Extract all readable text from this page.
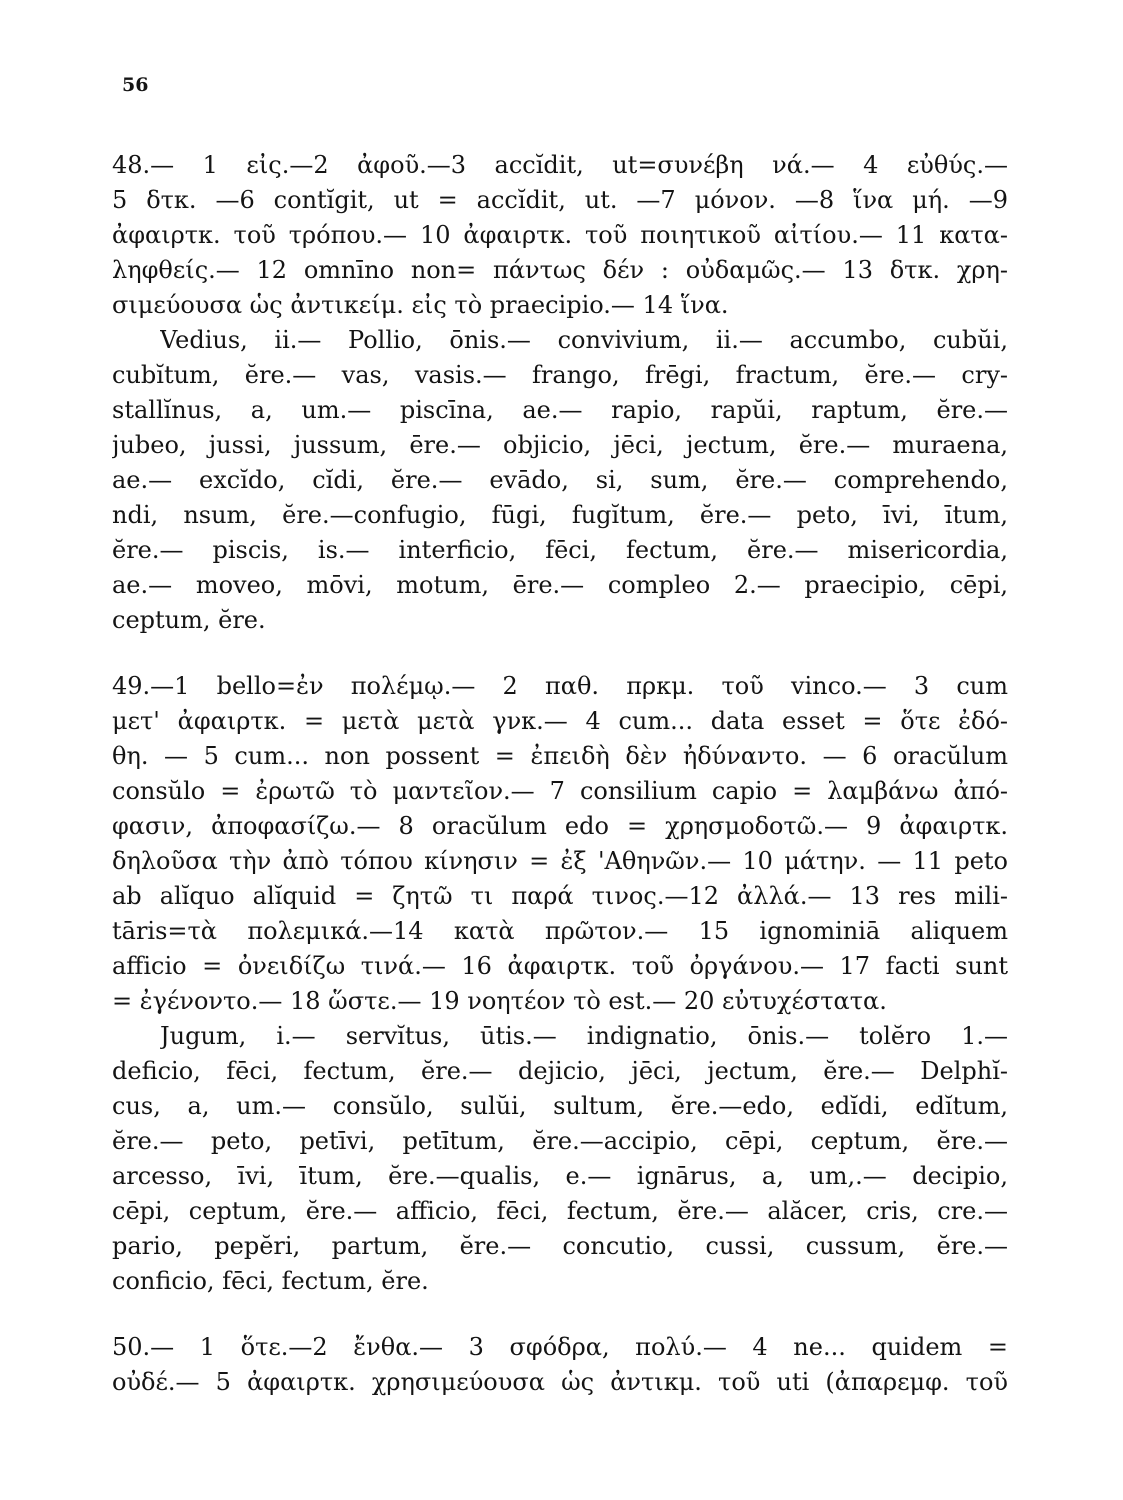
56
48.— 1 εἰς.—2 ἀφοῦ.—3 accĭdit, ut=συνέβη νά.— 4 εὐθύς.—
5 δτκ. —6 contĭgit, ut = accĭdit, ut. —7 μόνον. —8 ἵνα μή. —9
ἀφαιρτκ. τοῦ τρόπου.— 10 ἀφαιρτκ. τοῦ ποιητικοῦ αἰτίου.— 11 κατα-
ληφθείς.— 12 omnīno non= πάντως δέν : οὐδαμῶς.— 13 δτκ. χρη-
σιμεύουσα ὡς ἀντικείμ. εἰς τὸ praecipio.— 14 ἵνα.
Vedius, ii.— Pollio, ōnis.— convivium, ii.— accumbo, cubŭi,
cubĭtum, ĕre.— vas, vasis.— frango, frēgi, fractum, ĕre.— cry-
stallĭnus, a, um.— piscīna, ae.— rapio, rapŭi, raptum, ĕre.—
jubeo, jussi, jussum, ēre.— objicio, jēci, jectum, ĕre.— muraena,
ae.— excĭdo, cĭdi, ĕre.— evādo, si, sum, ĕre.— comprehendo,
ndi, nsum, ĕre.—confugio, fūgi, fugĭtum, ĕre.— peto, īvi, ītum,
ĕre.— piscis, is.— interficio, fēci, fectum, ĕre.— misericordia,
ae.— moveo, mōvi, motum, ēre.— compleo 2.— praecipio, cēpi,
ceptum, ĕre.
49.—1 bello=ἐν πολέμῳ.— 2 παθ. πρκμ. τοῦ vinco.— 3 cum
μετ' ἀφαιρτκ. = μετὰ μετὰ γνκ.— 4 cum... data esset = ὅτε ἐδό-
θη. — 5 cum... non possent = ἐπειδὴ δὲν ἠδύναντο. — 6 oracŭlum
consŭlo = ἐρωτῶ τὸ μαντεῖον.— 7 consilium capio = λαμβάνω ἀπό-
φασιν, ἀποφασίζω.— 8 oracŭlum edo = χρησμοδοτῶ.— 9 ἀφαιρτκ.
δηλοῦσα τὴν ἀπὸ τόπου κίνησιν = ἐξ 'Αθηνῶν.— 10 μάτην. — 11 peto
ab alĭquo alĭquid = ζητῶ τι παρά τινος.—12 ἀλλά.— 13 res mili-
tāris=τὰ πολεμικά.—14 κατὰ πρῶτον.— 15 ignominiā aliquem
afficio = ὀνειδίζω τινά.— 16 ἀφαιρτκ. τοῦ ὀργάνου.— 17 facti sunt
= ἐγένοντο.— 18 ὥστε.— 19 νοητέον τὸ est.— 20 εὐτυχέστατα.
Jugum, i.— servĭtus, ūtis.— indignatio, ōnis.— tolĕro 1.—
deficio, fēci, fectum, ĕre.— dejicio, jēci, jectum, ĕre.— Delphĭ-
cus, a, um.— consŭlo, sulŭi, sultum, ĕre.—edo, edĭdi, edĭtum,
ĕre.— peto, petīvi, petītum, ĕre.—accipio, cēpi, ceptum, ĕre.—
arcesso, īvi, ītum, ĕre.—qualis, e.— ignārus, a, um,.— decipio,
cēpi, ceptum, ĕre.— afficio, fēci, fectum, ĕre.— alăcer, cris, cre.—
pario, pepĕri, partum, ĕre.— concutio, cussi, cussum, ĕre.—
conficio, fēci, fectum, ĕre.
50.— 1 ὅτε.—2 ἔνθα.— 3 σφόδρα, πολύ.— 4 ne... quidem =
οὐδέ.— 5 ἀφαιρτκ. χρησιμεύουσα ὡς ἀντικμ. τοῦ uti (ἀπαρεμφ. τοῦ
